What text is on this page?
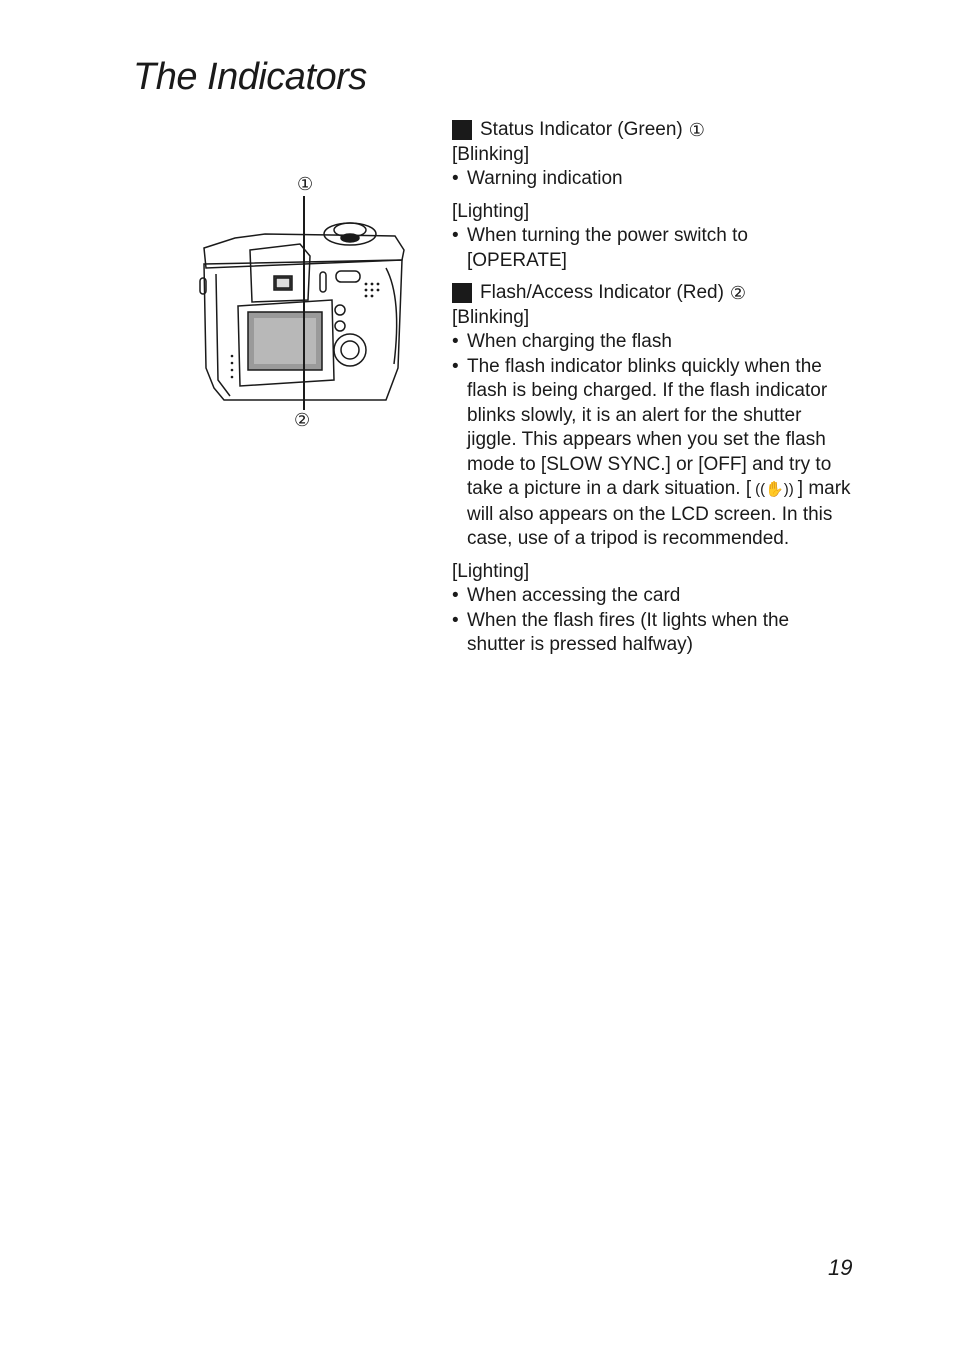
The Indicators
①
②

Status Indicator (Green) ①

[Blinking]

• Warning indication

[Lighting]

• When turning the power switch to [OPERATE]

Flash/Access Indicator (Red) ②

[Blinking]

• When charging the flash
• The flash indicator blinks quickly when the flash is being charged. If the flash indicator blinks slowly, it is an alert for the shutter jiggle. This appears when you set the flash mode to [SLOW SYNC.] or [OFF] and try to take a picture in a dark situation. [ ((✋)) ] mark will also appears on the LCD screen. In this case, use of a tripod is recommended.

[Lighting]

• When accessing the card
• When the flash fires (It lights when the shutter is pressed halfway)
19
